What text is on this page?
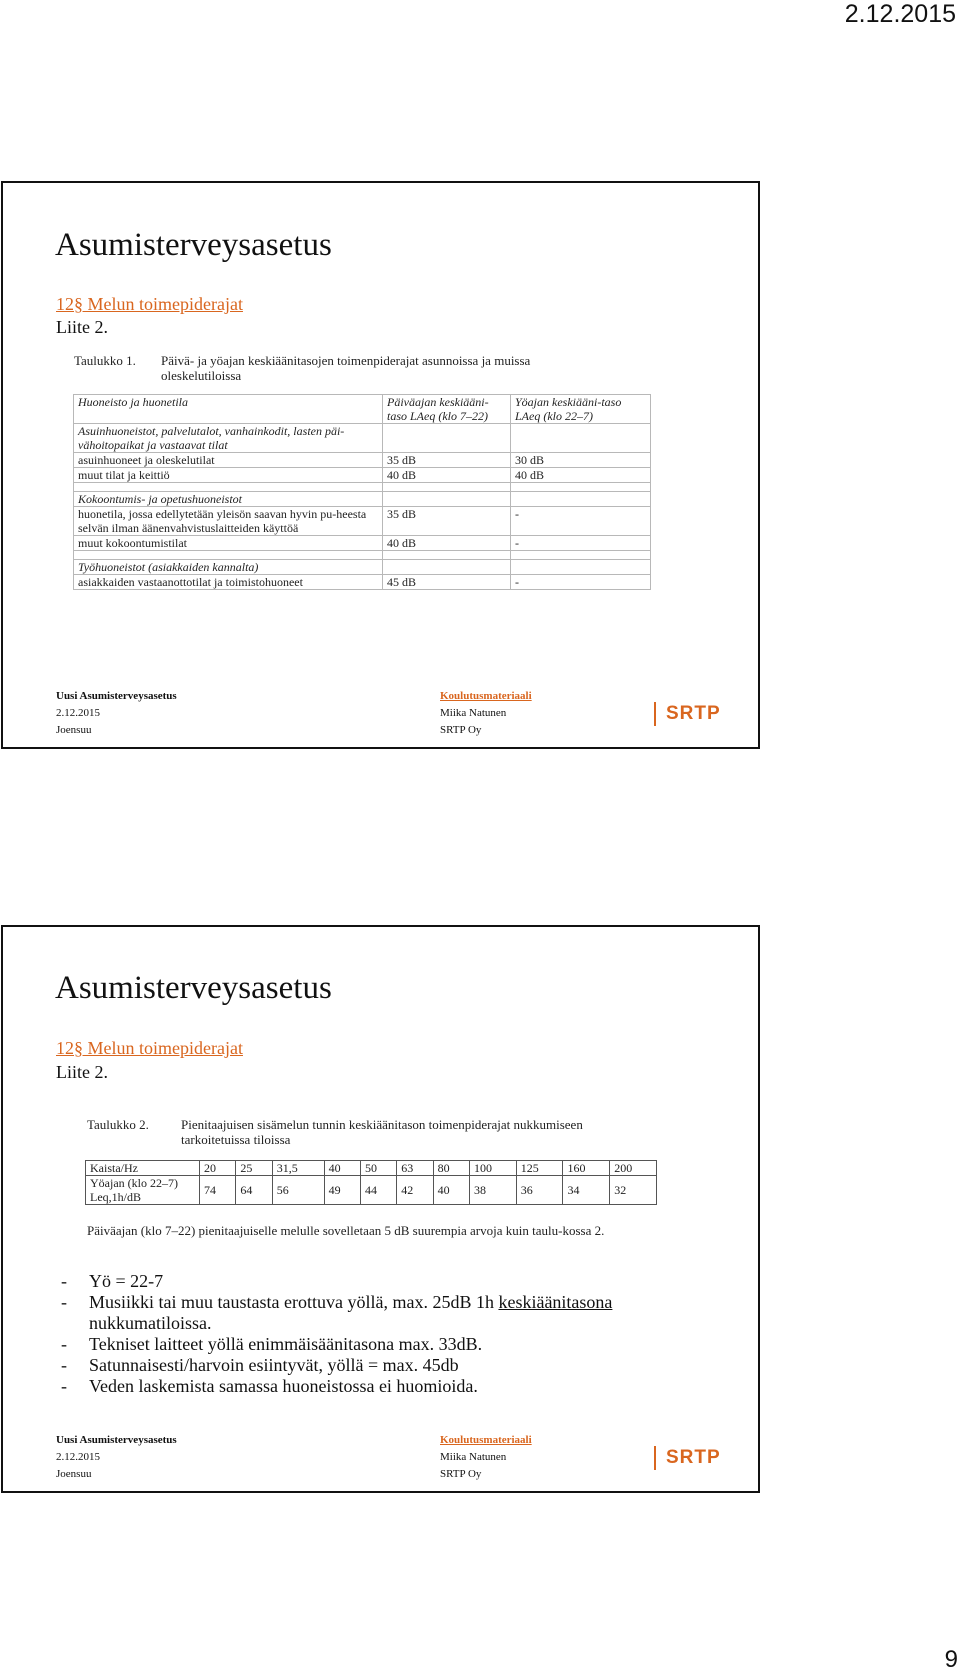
2.12.2015
Asumisterveysasetus
12§ Melun toimepiderajat
Liite 2.
Taulukko 1. Päivä- ja yöajan keskiäänitasojen toimenpiderajat asunnoissa ja muissa oleskelutiloissa
Huoneisto ja huonetila	Päiväajan keskiääni-taso LAeq (klo 7–22)	Yöajan keskiääni-taso LAeq (klo 22–7)
Asuinhuoneistot, palvelutalot, vanhainkodit, lasten päi-vähoitopaikat ja vastaavat tilat		
asuinhuoneet ja oleskelutilat	35 dB	30 dB
muut tilat ja keittiö	40 dB	40 dB

Kokoontumis- ja opetushuoneistot		
huonetila, jossa edellytetään yleisön saavan hyvin pu-heesta selvän ilman äänenvahvistuslaitteiden käyttöä	35 dB	-
muut kokoontumistilat	40 dB	-

Työhuoneistot (asiakkaiden kannalta)		
asiakkaiden vastaanottotilat ja toimistohuoneet	45 dB	-
Uusi Asumisterveysasetus
2.12.2015
Joensuu
Koulutusmateriaali
Miika Natunen
SRTP Oy
SRTP
Asumisterveysasetus
12§ Melun toimepiderajat
Liite 2.
Taulukko 2. Pienitaajuisen sisämelun tunnin keskiäänitason toimenpiderajat nukkumiseen tarkoitetuissa tiloissa
Kaista/Hz	20	25	31,5	40	50	63	80	100	125	160	200
Yöajan (klo 22–7) Leq,1h/dB	74	64	56	49	44	42	40	38	36	34	32
Päiväajan (klo 7–22) pienitaajuiselle melulle sovelletaan 5 dB suurempia arvoja kuin taulu-kossa 2.
- Yö = 22-7
- Musiikki tai muu taustasta erottuva yöllä, max. 25dB 1h keskiäänitasona
nukkumatiloissa.
- Tekniset laitteet yöllä enimmäisäänitasona max. 33dB.
- Satunnaisesti/harvoin esiintyvät, yöllä = max. 45db
- Veden laskemista samassa huoneistossa ei huomioida.
Uusi Asumisterveysasetus
2.12.2015
Joensuu
Koulutusmateriaali
Miika Natunen
SRTP Oy
SRTP
9
